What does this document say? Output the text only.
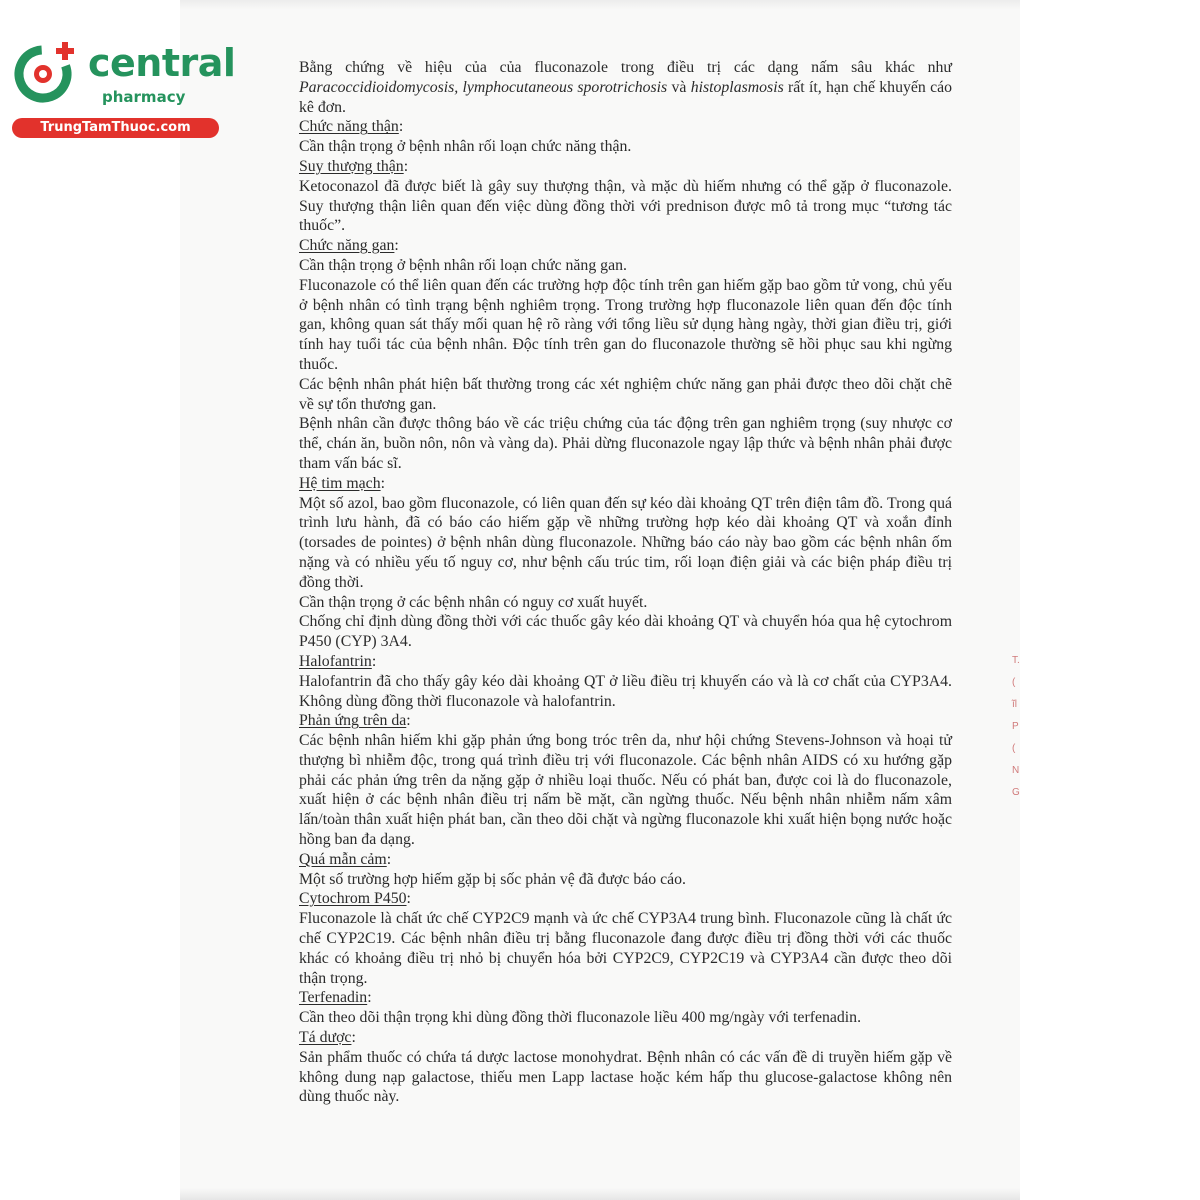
central
pharmacy
TrungTamThuoc.com

Bằng chứng về hiệu của của fluconazole trong điều trị các dạng nấm sâu khác như Paracoccidioidomycosis, lymphocutaneous sporotrichosis và histoplasmosis rất ít, hạn chế khuyến cáo kê đơn.

Chức năng thận:

Cần thận trọng ở bệnh nhân rối loạn chức năng thận.

Suy thượng thận:

Ketoconazol đã được biết là gây suy thượng thận, và mặc dù hiếm nhưng có thể gặp ở fluconazole. Suy thượng thận liên quan đến việc dùng đồng thời với prednison được mô tả trong mục “tương tác thuốc”.

Chức năng gan:

Cần thận trọng ở bệnh nhân rối loạn chức năng gan.

Fluconazole có thể liên quan đến các trường hợp độc tính trên gan hiếm gặp bao gồm tử vong, chủ yếu ở bệnh nhân có tình trạng bệnh nghiêm trọng. Trong trường hợp fluconazole liên quan đến độc tính gan, không quan sát thấy mối quan hệ rõ ràng với tổng liều sử dụng hàng ngày, thời gian điều trị, giới tính hay tuổi tác của bệnh nhân. Độc tính trên gan do fluconazole thường sẽ hồi phục sau khi ngừng thuốc.

Các bệnh nhân phát hiện bất thường trong các xét nghiệm chức năng gan phải được theo dõi chặt chẽ về sự tổn thương gan.

Bệnh nhân cần được thông báo về các triệu chứng của tác động trên gan nghiêm trọng (suy nhược cơ thể, chán ăn, buồn nôn, nôn và vàng da). Phải dừng fluconazole ngay lập thức và bệnh nhân phải được tham vấn bác sĩ.

Hệ tim mạch:

Một số azol, bao gồm fluconazole, có liên quan đến sự kéo dài khoảng QT trên điện tâm đồ. Trong quá trình lưu hành, đã có báo cáo hiếm gặp về những trường hợp kéo dài khoảng QT và xoắn đỉnh (torsades de pointes) ở bệnh nhân dùng fluconazole. Những báo cáo này bao gồm các bệnh nhân ốm nặng và có nhiều yếu tố nguy cơ, như bệnh cấu trúc tim, rối loạn điện giải và các biện pháp điều trị đồng thời.

Cần thận trọng ở các bệnh nhân có nguy cơ xuất huyết.

Chống chỉ định dùng đồng thời với các thuốc gây kéo dài khoảng QT và chuyển hóa qua hệ cytochrom P450 (CYP) 3A4.

Halofantrin:

Halofantrin đã cho thấy gây kéo dài khoảng QT ở liều điều trị khuyến cáo và là cơ chất của CYP3A4. Không dùng đồng thời fluconazole và halofantrin.

Phản ứng trên da:

Các bệnh nhân hiếm khi gặp phản ứng bong tróc trên da, như hội chứng Stevens-Johnson và hoại tử thượng bì nhiễm độc, trong quá trình điều trị với fluconazole. Các bệnh nhân AIDS có xu hướng gặp phải các phản ứng trên da nặng gặp ở nhiều loại thuốc. Nếu có phát ban, được coi là do fluconazole, xuất hiện ở các bệnh nhân điều trị nấm bề mặt, cần ngừng thuốc. Nếu bệnh nhân nhiễm nấm xâm lấn/toàn thân xuất hiện phát ban, cần theo dõi chặt và ngừng fluconazole khi xuất hiện bọng nước hoặc hồng ban đa dạng.

Quá mẫn cảm:

Một số trường hợp hiếm gặp bị sốc phản vệ đã được báo cáo.

Cytochrom P450:

Fluconazole là chất ức chế CYP2C9 mạnh và ức chế CYP3A4 trung bình. Fluconazole cũng là chất ức chế CYP2C19. Các bệnh nhân điều trị bằng fluconazole đang được điều trị đồng thời với các thuốc khác có khoảng điều trị nhỏ bị chuyển hóa bởi CYP2C9, CYP2C19 và CYP3A4 cần được theo dõi thận trọng.

Terfenadin:

Cần theo dõi thận trọng khi dùng đồng thời fluconazole liều 400 mg/ngày với terfenadin.

Tá dược:

Sản phẩm thuốc có chứa tá dược lactose monohydrat. Bệnh nhân có các vấn đề di truyền hiếm gặp về không dung nạp galactose, thiếu men Lapp lactase hoặc kém hấp thu glucose-galactose không nên dùng thuốc này.

T.
(
ĩl
P
(
N
G
